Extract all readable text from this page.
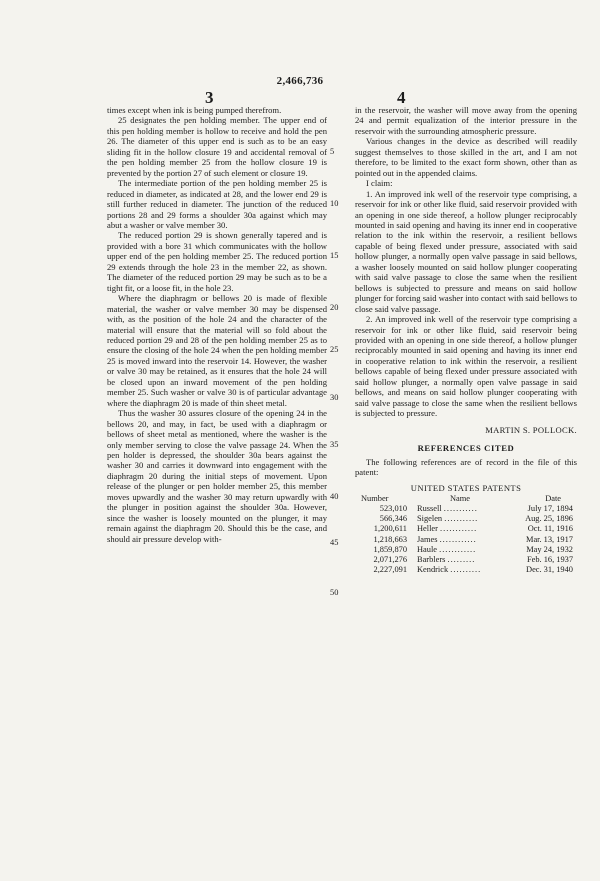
2,466,736
3	4

times except when ink is being pumped therefrom.

25 designates the pen holding member. The upper end of this pen holding member is hollow to receive and hold the pen 26. The diameter of this upper end is such as to be an easy sliding fit in the hollow closure 19 and accidental removal of the pen holding member 25 from the hollow closure 19 is prevented by the portion 27 of such element or closure 19.

The intermediate portion of the pen holding member 25 is reduced in diameter, as indicated at 28, and the lower end 29 is still further reduced in diameter. The junction of the reduced portions 28 and 29 forms a shoulder 30a against which may abut a washer or valve member 30.

The reduced portion 29 is shown generally tapered and is provided with a bore 31 which communicates with the hollow upper end of the pen holding member 25. The reduced portion 29 extends through the hole 23 in the member 22, as shown. The diameter of the reduced portion 29 may be such as to be a tight fit, or a loose fit, in the hole 23.

Where the diaphragm or bellows 20 is made of flexible material, the washer or valve member 30 may be dispensed with, as the position of the hole 24 and the character of the material will ensure that the material will so fold about the reduced portion 29 and 28 of the pen holding member 25 as to ensure the closing of the hole 24 when the pen holding member 25 is moved inward into the reservoir 14. However, the washer or valve 30 may be retained, as it ensures that the hole 24 will be closed upon an inward movement of the pen holding member 25. Such washer or valve 30 is of particular advantage where the diaphragm 20 is made of thin sheet metal.

Thus the washer 30 assures closure of the opening 24 in the bellows 20, and may, in fact, be used with a diaphragm or bellows of sheet metal as mentioned, where the washer is the only member serving to close the valve passage 24. When the pen holder is depressed, the shoulder 30a bears against the washer 30 and carries it downward into engagement with the diaphragm 20 during the initial steps of movement. Upon release of the plunger or pen holder member 25, this member moves upwardly and the washer 30 may return upwardly with the plunger in position against the shoulder 30a. However, since the washer is loosely mounted on the plunger, it may remain against the diaphragm 20. Should this be the case, and should air pressure develop with-

5
10
15
20
25
30
35
40
45
50

in the reservoir, the washer will move away from the opening 24 and permit equalization of the interior pressure in the reservoir with the surrounding atmospheric pressure.

Various changes in the device as described will readily suggest themselves to those skilled in the art, and I am not therefore, to be limited to the exact form shown, other than as pointed out in the appended claims.

I claim:

1. An improved ink well of the reservoir type comprising, a reservoir for ink or other like fluid, said reservoir provided with an opening in one side thereof, a hollow plunger reciprocably mounted in said opening and having its inner end in cooperative relation to the ink within the reservoir, a resilient bellows capable of being flexed under pressure, associated with said hollow plunger, a normally open valve passage in said bellows, a washer loosely mounted on said hollow plunger cooperating with said valve passage to close the same when the resilient bellows is subjected to pressure and means on said hollow plunger for forcing said washer into contact with said bellows to close said valve passage.

2. An improved ink well of the reservoir type comprising a reservoir for ink or other like fluid, said reservoir being provided with an opening in one side thereof, a hollow plunger reciprocably mounted in said opening and having its inner end in cooperative relation to ink within the reservoir, a resilient bellows capable of being flexed under pressure associated with said hollow plunger, a normally open valve passage in said bellows, and means on said hollow plunger cooperating with said valve passage to close the same when the resilient bellows is subjected to pressure.

MARTIN S. POLLOCK.

REFERENCES CITED

The following references are of record in the file of this patent:

UNITED STATES PATENTS

Number	Name	Date
523,010	Russell ...........	July 17, 1894
566,346	Sigelen ...........	Aug. 25, 1896
1,200,611	Heller ............	Oct. 11, 1916
1,218,663	James ............	Mar. 13, 1917
1,859,870	Haule ............	May 24, 1932
2,071,276	Barblers .........	Feb. 16, 1937
2,227,091	Kendrick ..........	Dec. 31, 1940
